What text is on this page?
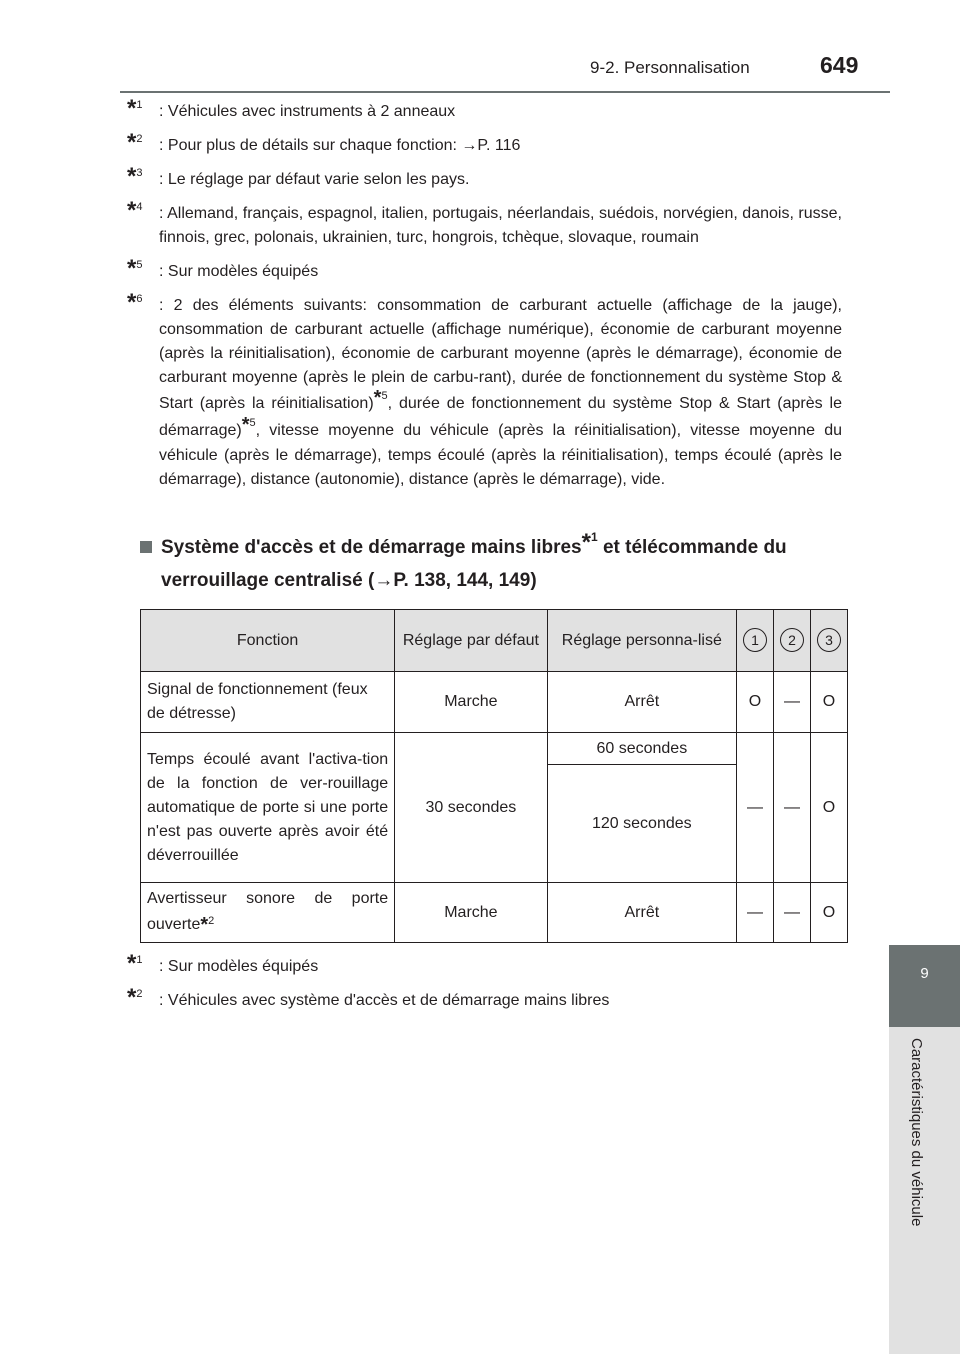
9-2. Personnalisation	649
9
Caractéristiques du véhicule
*$^1$ : Véhicules avec instruments à 2 anneaux
*$^2$ : Pour plus de détails sur chaque fonction: →P. 116
*$^3$ : Le réglage par défaut varie selon les pays.
*$^4$ : Allemand, français, espagnol, italien, portugais, néerlandais, suédois, norvégien, danois, russe, finnois, grec, polonais, ukrainien, turc, hongrois, tchèque, slovaque, roumain
*$^5$ : Sur modèles équipés
*$^6$ : 2 des éléments suivants: consommation de carburant actuelle (affichage de la jauge), consommation de carburant actuelle (affichage numérique), économie de carburant moyenne (après la réinitialisation), économie de carburant moyenne (après le démarrage), économie de carburant moyenne (après le plein de carbu-rant), durée de fonctionnement du système Stop & Start (après la réinitialisation)*$^5$, durée de fonctionnement du système Stop & Start (après le démarrage)*$^5$, vitesse moyenne du véhicule (après la réinitialisation), vitesse moyenne du véhicule (après le démarrage), temps écoulé (après la réinitialisation), temps écoulé (après le démarrage), distance (autonomie), distance (après le démarrage), vide.
Système d'accès et de démarrage mains libres*$^1$ et télécommande du verrouillage centralisé (→P. 138, 144, 149)
Fonction	Réglage par défaut	Réglage personna-lisé	1	2	3
Signal de fonctionnement (feux de détresse)	Marche	Arrêt	O	—	O
Temps écoulé avant l'activa-tion de la fonction de ver-rouillage automatique de porte si une porte n'est pas ouverte après avoir été déverrouillée	30 secondes	60 secondes	—	—	O
		120 secondes			
Avertisseur sonore de porte ouverte*$^2$	Marche	Arrêt	—	—	O
*$^1$ : Sur modèles équipés
*$^2$ : Véhicules avec système d'accès et de démarrage mains libres
